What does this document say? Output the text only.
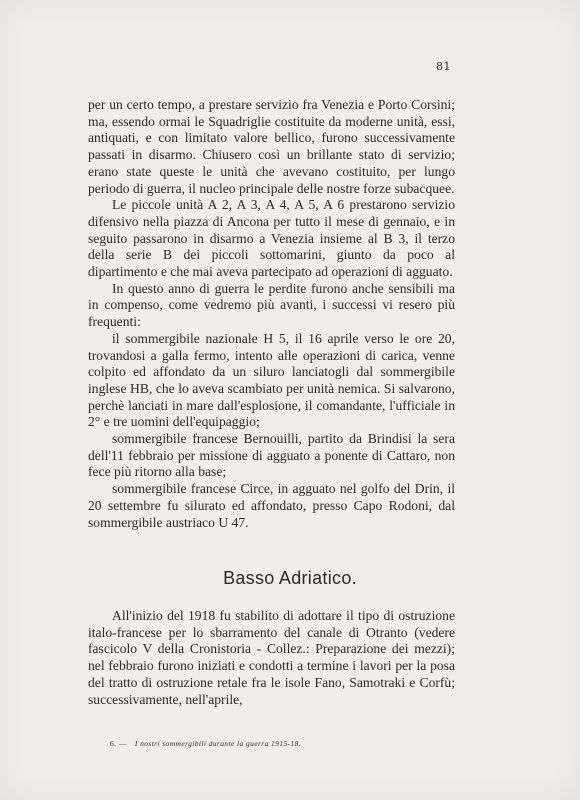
81

per un certo tempo, a prestare servizio fra Venezia e Porto Corsini; ma, essendo ormai le Squadriglie costituite da moderne unità, essi, antiquati, e con limitato valore bellico, furono successivamente passati in disarmo. Chiusero così un brillante stato di servizio; erano state queste le unità che avevano costituito, per lungo periodo di guerra, il nucleo principale delle nostre forze subacquee.

Le piccole unità A 2, A 3, A 4, A 5, A 6 prestarono servizio difensivo nella piazza di Ancona per tutto il mese di gennaio, e in seguito passarono in disarmo a Venezia insieme al B 3, il terzo della serie B dei piccoli sottomarini, giunto da poco al dipartimento e che mai aveva partecipato ad operazioni di agguato.

In questo anno di guerra le perdite furono anche sensibili ma in compenso, come vedremo più avanti, i successi vi resero più frequenti:

il sommergibile nazionale H 5, il 16 aprile verso le ore 20, trovandosi a galla fermo, intento alle operazioni di carica, venne colpito ed affondato da un siluro lanciatogli dal sommergibile inglese HB, che lo aveva scambiato per unità nemica. Si salvarono, perchè lanciati in mare dall'esplosione, il comandante, l'ufficiale in 2° e tre uomini dell'equipaggio;

sommergibile francese Bernouilli, partito da Brindisi la sera dell'11 febbraio per missione di agguato a ponente di Cattaro, non fece più ritorno alla base;

sommergibile francese Circe, in agguato nel golfo del Drin, il 20 settembre fu silurato ed affondato, presso Capo Rodoni, dal sommergibile austriaco U 47.

Basso Adriatico.

All'inizio del 1918 fu stabilito di adottare il tipo di ostruzione italo-francese per lo sbarramento del canale di Otranto (vedere fascicolo V della Cronistoria - Collez.: Preparazione dei mezzi); nel febbraio furono iniziati e condotti a termine i lavori per la posa del tratto di ostruzione retale fra le isole Fano, Samotraki e Corfù; successivamente, nell'aprile,

6. — I nostri sommergibili durante la guerra 1915-18.
